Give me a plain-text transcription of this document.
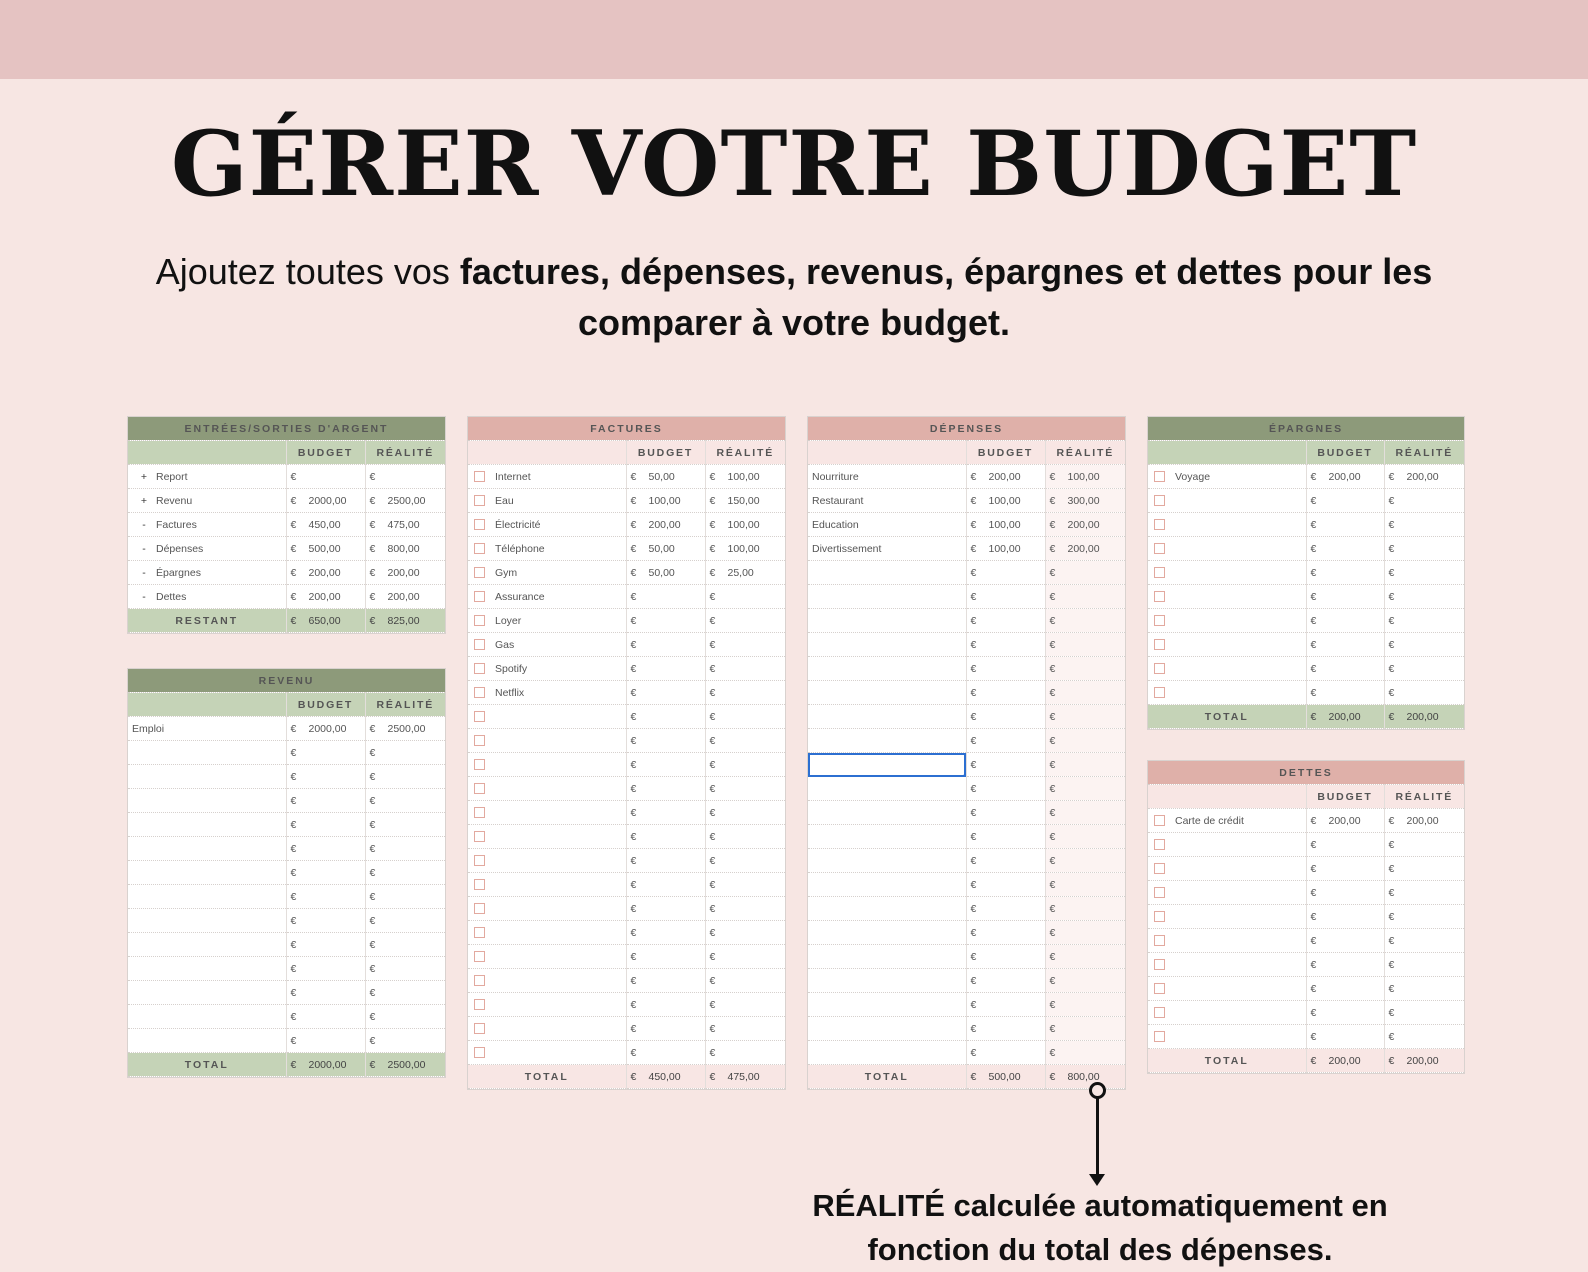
GÉRER VOTRE BUDGET
Ajoutez toutes vos factures, dépenses, revenus, épargnes et dettes pour les comparer à votre budget.
ENTRÉES/SORTIES D'ARGENT		
	BUDGET	RÉALITÉ
+ Report	€	€
+ Revenu	€ 2000,00	€ 2500,00
- Factures	€ 450,00	€ 475,00
- Dépenses	€ 500,00	€ 800,00
- Épargnes	€ 200,00	€ 200,00
- Dettes	€ 200,00	€ 200,00
RESTANT	€ 650,00	€ 825,00
REVENU		
	BUDGET	RÉALITÉ
Emploi	€ 2000,00	€ 2500,00
	€	€
	€	€
	€	€
	€	€
	€	€
	€	€
	€	€
	€	€
	€	€
	€	€
	€	€
	€	€
	€	€
TOTAL	€ 2000,00	€ 2500,00
FACTURES		
	BUDGET	RÉALITÉ
Internet	€ 50,00	€ 100,00
Eau	€ 100,00	€ 150,00
Électricité	€ 200,00	€ 100,00
Téléphone	€ 50,00	€ 100,00
Gym	€ 50,00	€ 25,00
Assurance	€	€
Loyer	€	€
Gas	€	€
Spotify	€	€
Netflix	€	€
	€	€
	€	€
	€	€
	€	€
	€	€
	€	€
	€	€
	€	€
	€	€
	€	€
	€	€
	€	€
	€	€
	€	€
	€	€
TOTAL	€ 450,00	€ 475,00
DÉPENSES		
	BUDGET	RÉALITÉ
Nourriture	€ 200,00	€ 100,00
Restaurant	€ 100,00	€ 300,00
Education	€ 100,00	€ 200,00
Divertissement	€ 100,00	€ 200,00
	€	€
	€	€
	€	€
	€	€
	€	€
	€	€
	€	€
	€	€

	€	€
	€	€
	€	€
	€	€
	€	€
	€	€
	€	€
	€	€
	€	€
	€	€
	€	€
	€	€
	€	€
TOTAL	€ 500,00	€ 800,00
ÉPARGNES		
	BUDGET	RÉALITÉ
Voyage	€ 200,00	€ 200,00
	€	€
	€	€
	€	€
	€	€
	€	€
	€	€
	€	€
	€	€
	€	€
TOTAL	€ 200,00	€ 200,00
DETTES		
	BUDGET	RÉALITÉ
Carte de crédit	€ 200,00	€ 200,00
	€	€
	€	€
	€	€
	€	€
	€	€
	€	€
	€	€
	€	€
	€	€
TOTAL	€ 200,00	€ 200,00
RÉALITÉ calculée automatiquement en fonction du total des dépenses.
